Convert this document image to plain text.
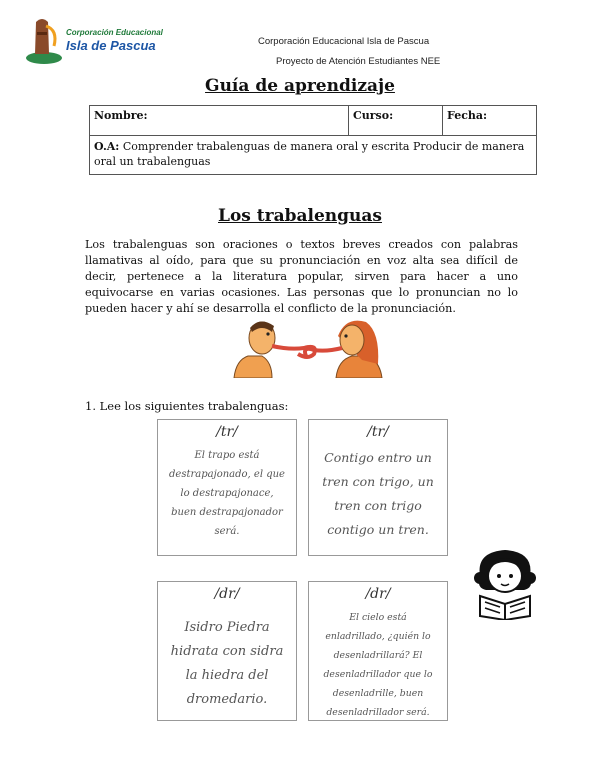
Corporación Educacional
Isla de Pascua	Corporación Educacional Isla de Pascua
Proyecto de Atención Estudiantes NEE
Guía de aprendizaje
Nombre:	Curso:	Fecha:
O.A: Comprender trabalenguas de manera oral y escrita Producir de manera oral un trabalenguas
Los trabalenguas
Los trabalenguas son oraciones o textos breves creados con palabras llamativas al oído, para que su pronunciación en voz alta sea difícil de decir, pertenece a la literatura popular, sirven para hacer a uno equivocarse en varias ocasiones. Las personas que lo pronuncian no lo pueden hacer y ahí se desarrolla el conflicto de la pronunciación.
1. Lee los siguientes trabalenguas:
/tr/
El trapo está
destrapajonado, el que
lo destrapajonace,
buen destrapajonador
será.
/tr/
Contigo entro un
tren con trigo, un
tren con trigo
contigo un tren.
/dr/
Isidro Piedra
hidrata con sidra
la hiedra del
dromedario.
/dr/
El cielo está
enladrillado, ¿quién lo
desenladrillará? El
desenladrillador que lo
desenladrille, buen
desenladrillador será.
